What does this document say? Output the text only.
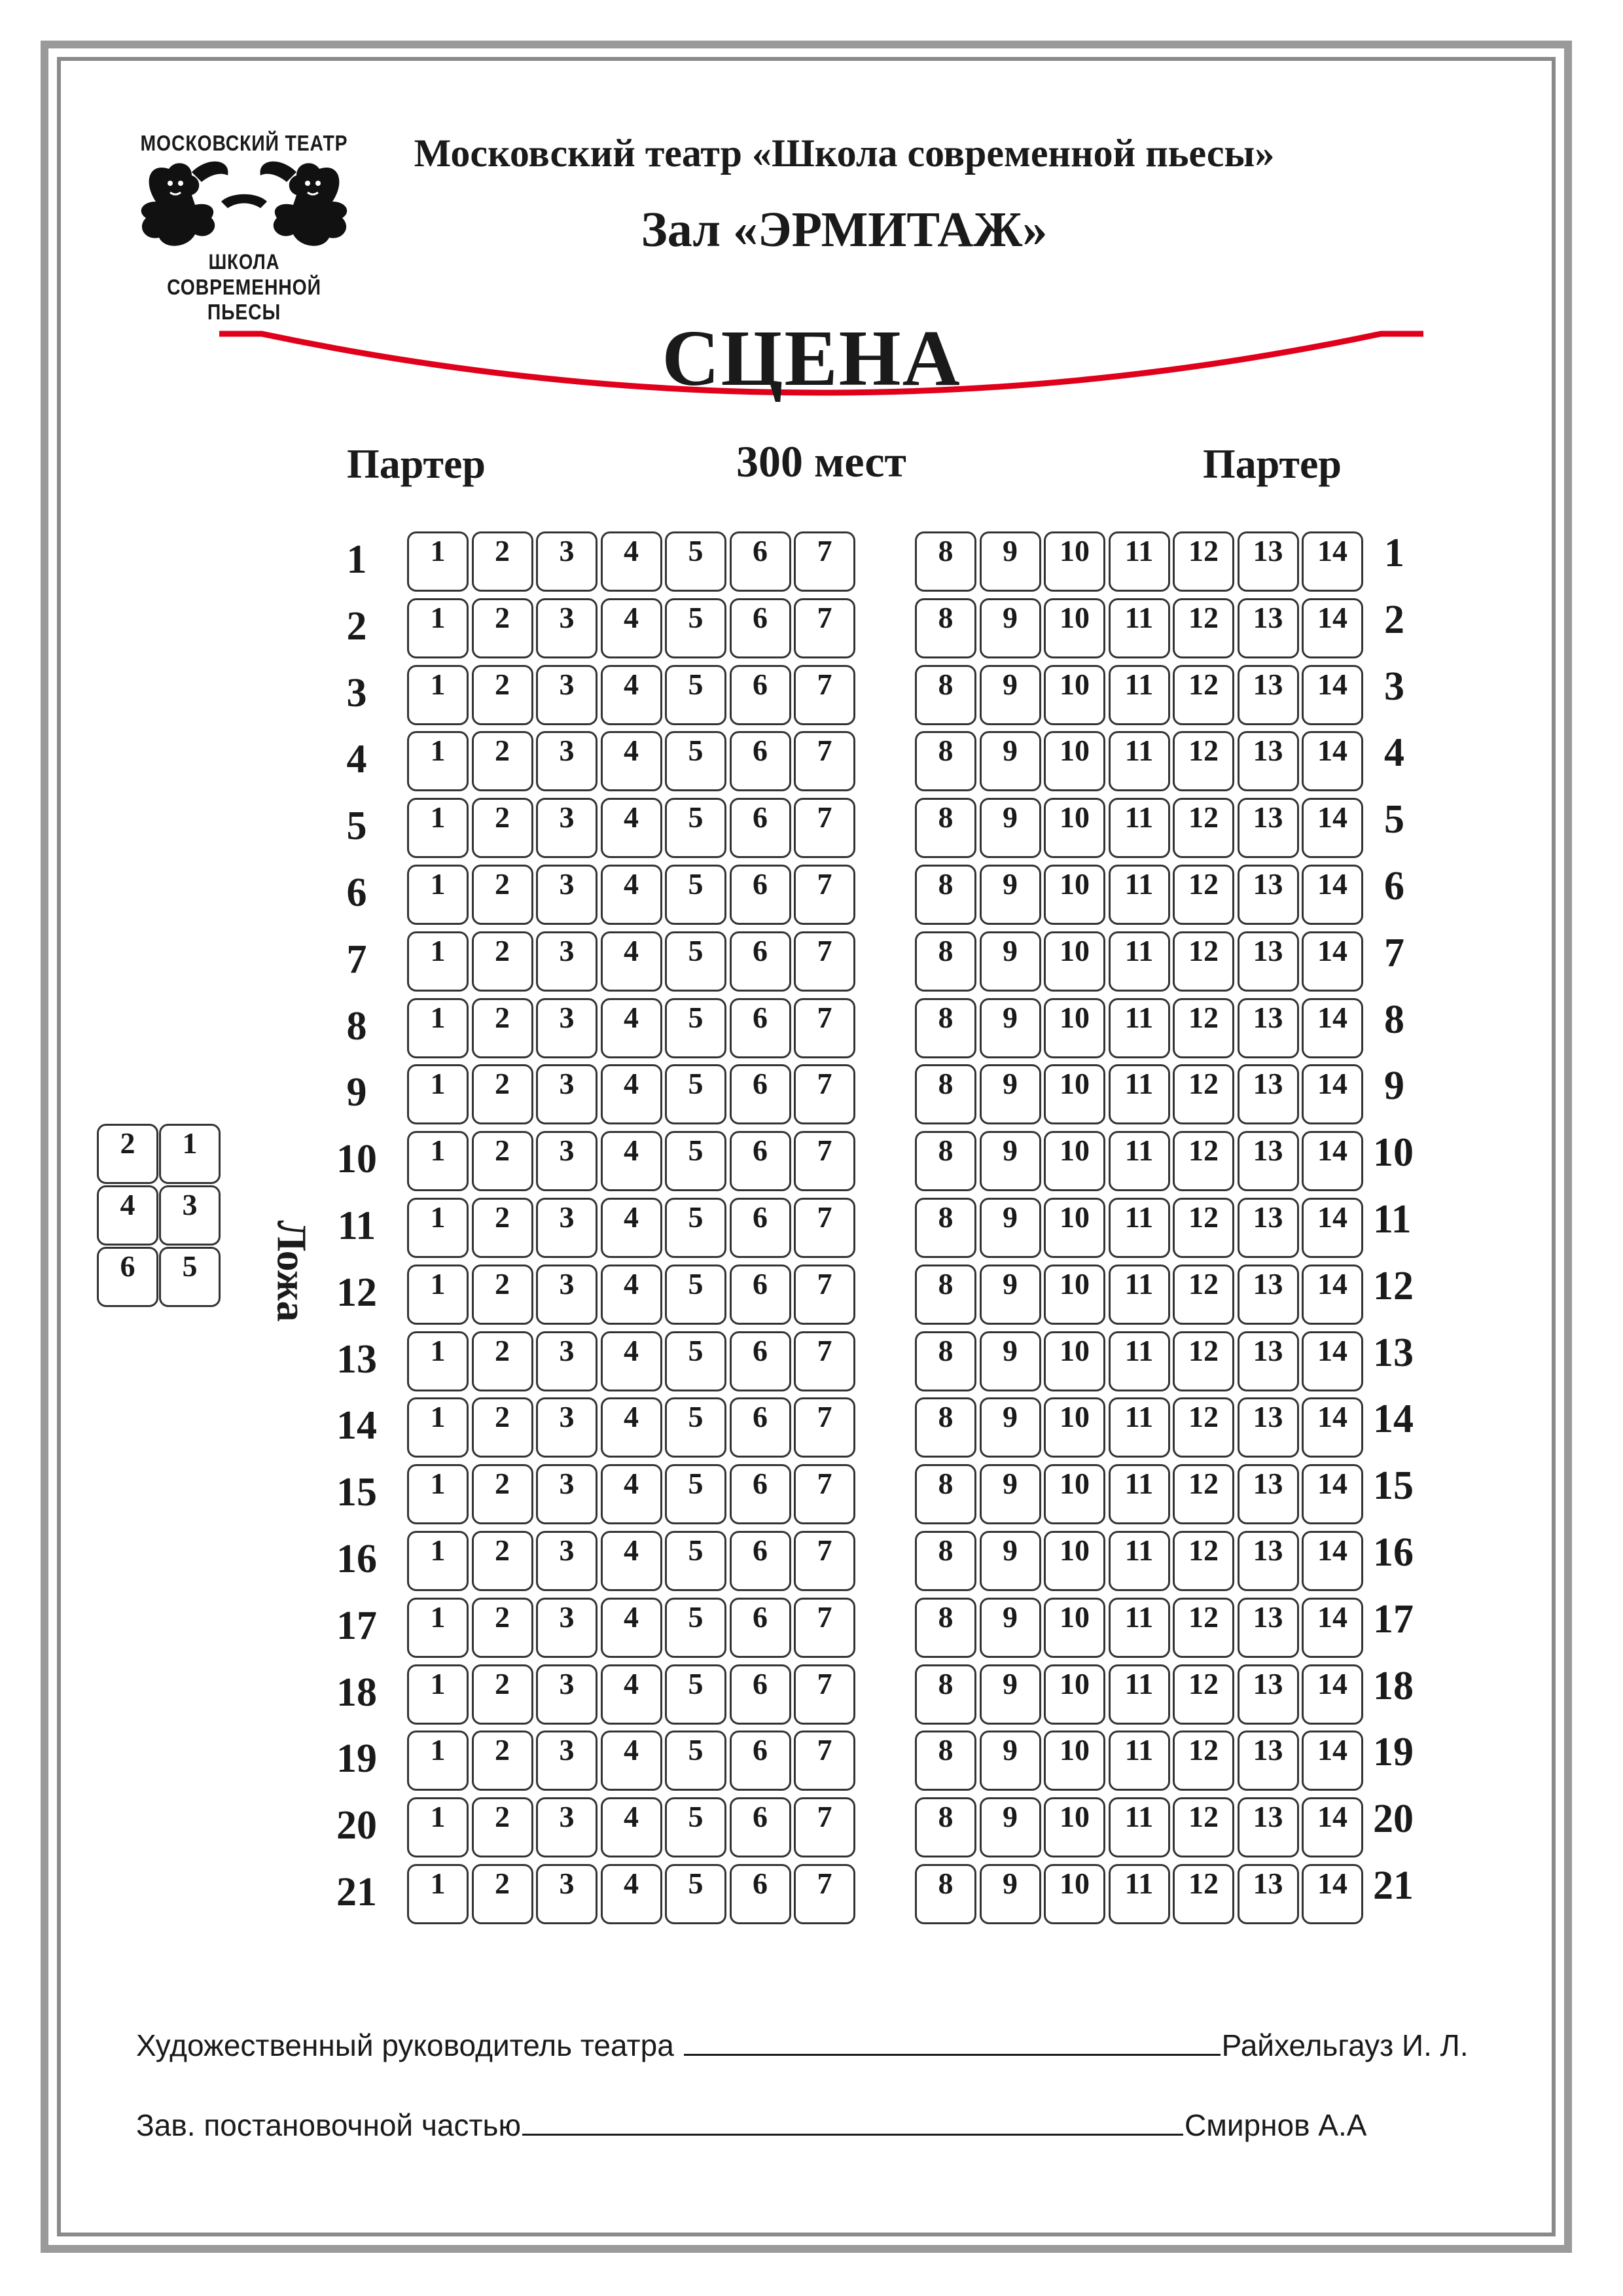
МОСКОВСКИЙ ТЕАТР
ШКОЛА
СОВРЕМЕННОЙ ПЬЕСЫ
Московский театр «Школа современной пьесы»
Зал «ЭРМИТАЖ»
СЦЕНА
Партер	300 мест	Партер
1	1	2	3	4	5	6	7	8	9	10	11	12	13	14 1
2	1	2	3	4	5	6	7	8	9	10	11	12	13	14 2
3	1	2	3	4	5	6	7	8	9	10	11	12	13	14 3
4	1	2	3	4	5	6	7	8	9	10	11	12	13	14 4
5	1	2	3	4	5	6	7	8	9	10	11	12	13	14 5
6	1	2	3	4	5	6	7	8	9	10	11	12	13	14 6
7	1	2	3	4	5	6	7	8	9	10	11	12	13	14 7
8	1	2	3	4	5	6	7	8	9	10	11	12	13	14 8
9	1	2	3	4	5	6	7	8	9	10	11	12	13	14 9
10	1	2	3	4	5	6	7	8	9	10	11	12	13	14 10
11	1	2	3	4	5	6	7	8	9	10	11	12	13	14 11
12	1	2	3	4	5	6	7	8	9	10	11	12	13	14 12
13	1	2	3	4	5	6	7	8	9	10	11	12	13	14 13
14	1	2	3	4	5	6	7	8	9	10	11	12	13	14 14
15	1	2	3	4	5	6	7	8	9	10	11	12	13	14 15
16	1	2	3	4	5	6	7	8	9	10	11	12	13	14 16
17	1	2	3	4	5	6	7	8	9	10	11	12	13	14 17
18	1	2	3	4	5	6	7	8	9	10	11	12	13	14 18
19	1	2	3	4	5	6	7	8	9	10	11	12	13	14 19
20	1	2	3	4	5	6	7	8	9	10	11	12	13	14 20
21	1	2	3	4	5	6	7	8	9	10	11	12	13	14 21
2	1
4	3
6	5	Ложа
Художественный руководитель театра	Райхельгауз И. Л.
Зав. постановочной частью	Смирнов А.А
